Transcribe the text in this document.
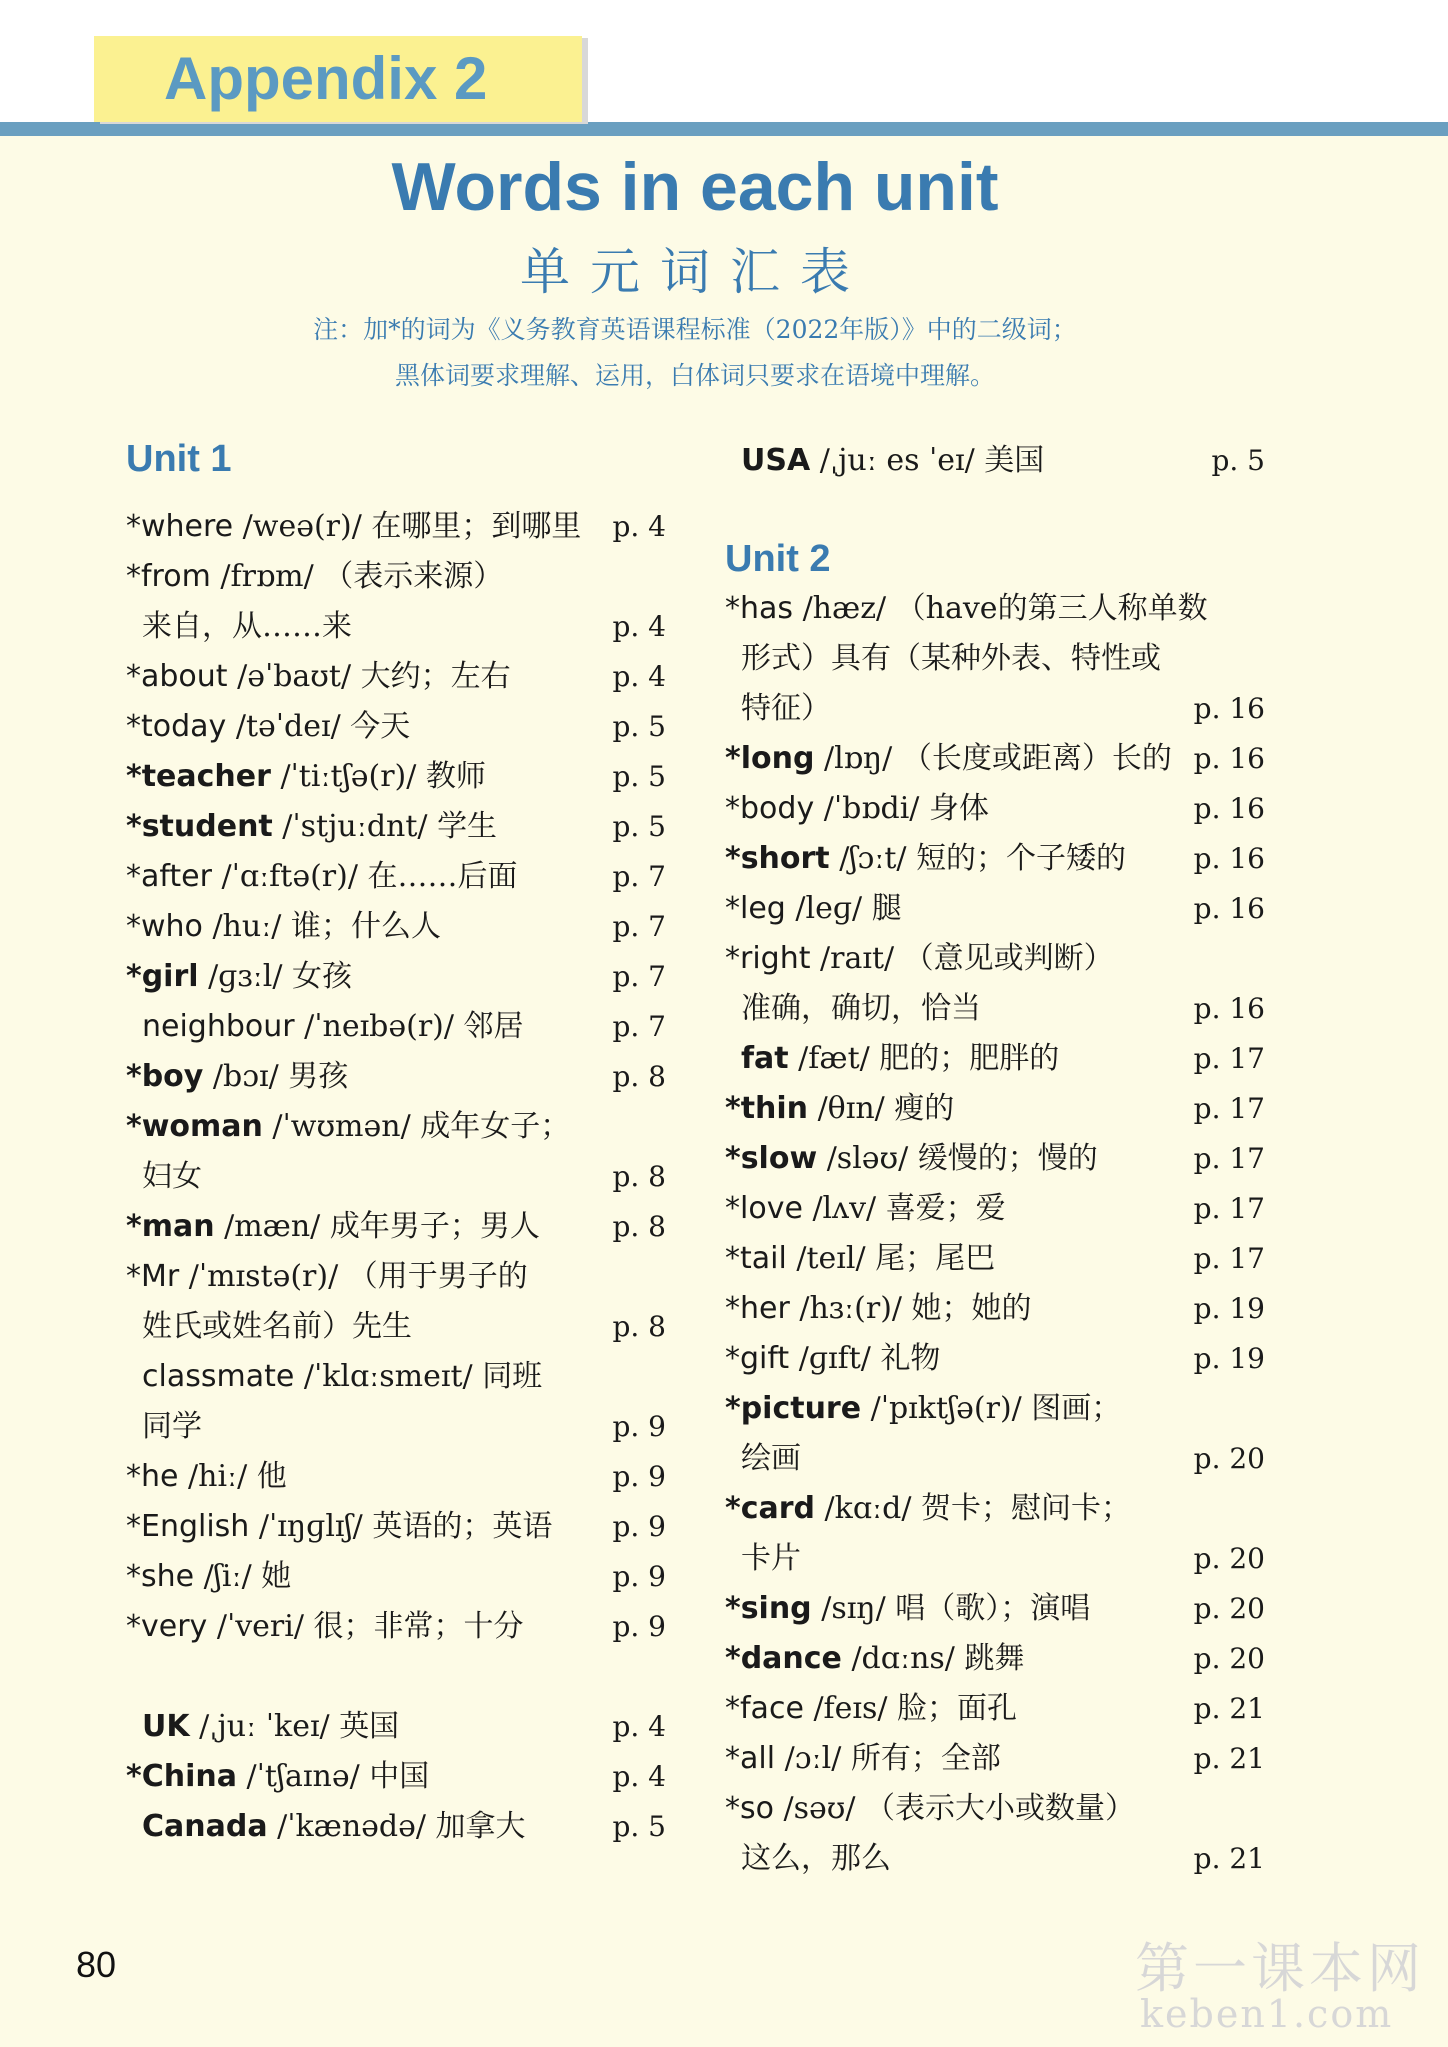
Appendix 2
Words in each unit
单元词汇表
注：加*的词为《义务教育英语课程标准（2022年版）》中的二级词；
黑体词要求理解、运用，白体词只要求在语境中理解。
Unit 1
*where /weə(r)/ 在哪里；到哪里 p. 4
*from /frɒm/ （表示来源）
来自，从……来	p. 4
*about /əˈbaʊt/ 大约；左右	p. 4
*today /təˈdeɪ/ 今天	p. 5
*teacher /ˈtiːtʃə(r)/ 教师	p. 5
*student /ˈstjuːdnt/ 学生	p. 5
*after /ˈɑːftə(r)/ 在……后面	p. 7
*who /huː/ 谁；什么人	p. 7
*girl /ɡɜːl/ 女孩	p. 7
neighbour /ˈneɪbə(r)/ 邻居	p. 7
*boy /bɔɪ/ 男孩	p. 8
*woman /ˈwʊmən/ 成年女子；
妇女	p. 8
*man /mæn/ 成年男子；男人	p. 8
*Mr /ˈmɪstə(r)/ （用于男子的
姓氏或姓名前）先生	p. 8
classmate /ˈklɑːsmeɪt/ 同班
同学	p. 9
*he /hiː/ 他	p. 9
*English /ˈɪŋɡlɪʃ/ 英语的；英语 p. 9
*she /ʃiː/ 她	p. 9
*very /ˈveri/ 很；非常；十分	p. 9
UK /ˌjuː ˈkeɪ/ 英国	p. 4
*China /ˈtʃaɪnə/ 中国	p. 4
Canada /ˈkænədə/ 加拿大	p. 5
Unit 2
USA /ˌjuː es ˈeɪ/ 美国	p. 5
*has /hæz/ （have的第三人称单数
形式）具有（某种外表、特性或
特征）	p. 16
*long /lɒŋ/ （长度或距离）长的 p. 16
*body /ˈbɒdi/ 身体	p. 16
*short /ʃɔːt/ 短的；个子矮的 p. 16
*leg /leɡ/ 腿	p. 16
*right /raɪt/ （意见或判断）
准确，确切，恰当	p. 16
fat /fæt/ 肥的；肥胖的	p. 17
*thin /θɪn/ 瘦的	p. 17
*slow /sləʊ/ 缓慢的；慢的	p. 17
*love /lʌv/ 喜爱；爱	p. 17
*tail /teɪl/ 尾；尾巴	p. 17
*her /hɜː(r)/ 她；她的	p. 19
*gift /ɡɪft/ 礼物	p. 19
*picture /ˈpɪktʃə(r)/ 图画；
绘画	p. 20
*card /kɑːd/ 贺卡；慰问卡；
卡片	p. 20
*sing /sɪŋ/ 唱（歌）；演唱	p. 20
*dance /dɑːns/ 跳舞	p. 20
*face /feɪs/ 脸；面孔	p. 21
*all /ɔːl/ 所有；全部	p. 21
*so /səʊ/ （表示大小或数量）
这么，那么	p. 21
80	第一课本网
keben1.com
